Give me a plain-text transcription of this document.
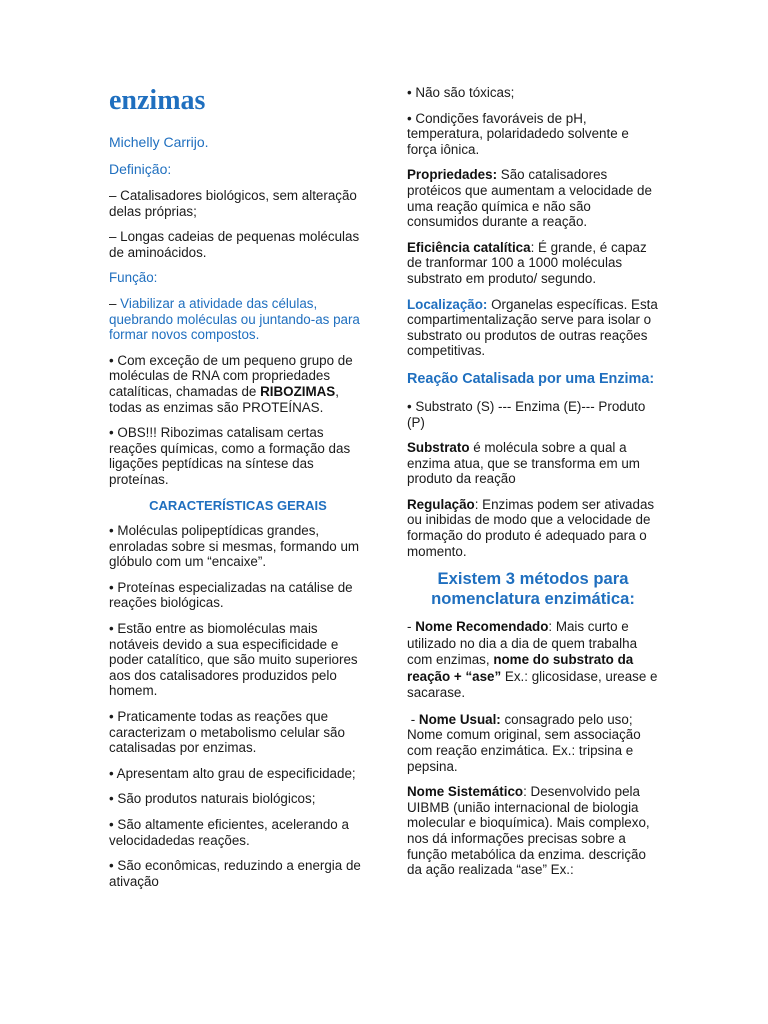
enzimas

Michelly Carrijo.

Definição:

– Catalisadores biológicos, sem alteração delas próprias;

– Longas cadeias de pequenas moléculas de aminoácidos.

Função:

– Viabilizar a atividade das células, quebrando moléculas ou juntando-as para formar novos compostos.

• Com exceção de um pequeno grupo de moléculas de RNA com propriedades catalíticas, chamadas de RIBOZIMAS, todas as enzimas são PROTEÍNAS.

• OBS!!! Ribozimas catalisam certas reações químicas, como a formação das ligações peptídicas na síntese das proteínas.

CARACTERÍSTICAS GERAIS

• Moléculas polipeptídicas grandes, enroladas sobre si mesmas, formando um glóbulo com um “encaixe”.

• Proteínas especializadas na catálise de reações biológicas.

• Estão entre as biomoléculas mais notáveis devido a sua especificidade e poder catalítico, que são muito superiores aos dos catalisadores produzidos pelo homem.

• Praticamente todas as reações que caracterizam o metabolismo celular são catalisadas por enzimas.

• Apresentam alto grau de especificidade;

• São produtos naturais biológicos;

• São altamente eficientes, acelerando a velocidadedas reações.

• São econômicas, reduzindo a energia de ativação

• Não são tóxicas;

• Condições favoráveis de pH, temperatura, polaridadedo solvente e força iônica.

Propriedades: São catalisadores protéicos que aumentam a velocidade de uma reação química e não são consumidos durante a reação.

Eficiência catalítica: É grande, é capaz de tranformar 100 a 1000 moléculas substrato em produto/ segundo.

Localização: Organelas específicas. Esta compartimentalização serve para isolar o substrato ou produtos de outras reações competitivas.

Reação Catalisada por uma Enzima:

• Substrato (S) --- Enzima (E)--- Produto (P)

Substrato é molécula sobre a qual a enzima atua, que se transforma em um produto da reação

Regulação: Enzimas podem ser ativadas ou inibidas de modo que a velocidade de formação do produto é adequado para o momento.

Existem 3 métodos para nomenclatura enzimática:

- Nome Recomendado: Mais curto e utilizado no dia a dia de quem trabalha com enzimas, nome do substrato da reação + “ase” Ex.: glicosidase, urease e sacarase.

- Nome Usual: consagrado pelo uso; Nome comum original, sem associação com reação enzimática. Ex.: tripsina e pepsina.

Nome Sistemático: Desenvolvido pela UIBMB (união internacional de biologia molecular e bioquímica). Mais complexo, nos dá informações precisas sobre a função metabólica da enzima. descrição da ação realizada “ase” Ex.:
